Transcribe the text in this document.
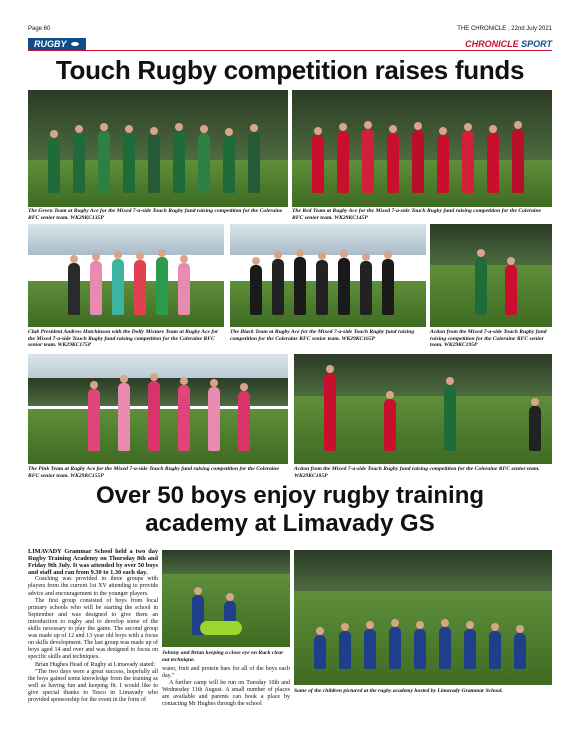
Page 60	THE CHRONICLE , 22nd July 2021
RUGBY	CHRONICLE SPORT
Touch Rugby competition raises funds
The Green Team at Rugby Ace for the Mixed 7-a-side Touch Rugby fund raising competition for the Coleraine RFC senior team. WK29KC135P
The Red Team at Rugby Ace for the Mixed 7-a-side Touch Rugby fund raising competition for the Coleraine RFC senior team. WK29KC145P
Club President Andrew Hutchinson with the Dolly Mixture Team at Rugby Ace for the Mixed 7-a-side Touch Rugby fund raising competition for the Coleraine RFC senior team. WK29KC175P
The Black Team at Rugby Ace for the Mixed 7-a-side Touch Rugby fund raising competition for the Coleraine RFC senior team. WK29KC165P
Action from the Mixed 7-a-side Touch Rugby fund raising competition for the Coleraine RFC senior team. WK29KC195P
The Pink Team at Rugby Ace for the Mixed 7-a-side Touch Rugby fund raising competition for the Coleraine RFC senior team. WK29KC155P
Action from the Mixed 7-a-side Touch Rugby fund raising competition for the Coleraine RFC senior team. WK29KC185P
Over 50 boys enjoy rugby training
academy at Limavady GS

LIMAVADY Grammar School held a two day Rugby Training Academy on Thursday 8th and Friday 9th July. It was attended by over 50 boys and staff and ran from 9.30 to 1.30 each day.

Coaching was provided in three groups with players from the current 1st XV attending to provide advice and encouragement to the younger players.

The first group consisted of boys from local primary schools who will be starting the school in September and was designed to give them an introduction to rugby and to develop some of the skills necessary to play the game. The second group was made up of 12 and 13 year old boys with a focus on skills development. The last group was made up of boys aged 14 and over and was designed to focus on specific skills and techniques.

Brian Hughes Head of Rugby at Limavady stated:

"The two days were a great success, hopefully all the boys gained some knowledge from the training as well as having fun and keeping fit. I would like to give special thanks to Tesco in Limavady who provided sponsorship for the event in the form of

Johnny and Brian keeping a close eye on Ruck clear out technique.

water, fruit and protein bars for all of the boys each day."

A further camp will be run on Tuesday 10th and Wednesday 11th August. A small number of places are available and parents can book a place by contacting Mr Hughes through the school

Some of the children pictured at the rugby academy hosted by Limavady Grammar School.
